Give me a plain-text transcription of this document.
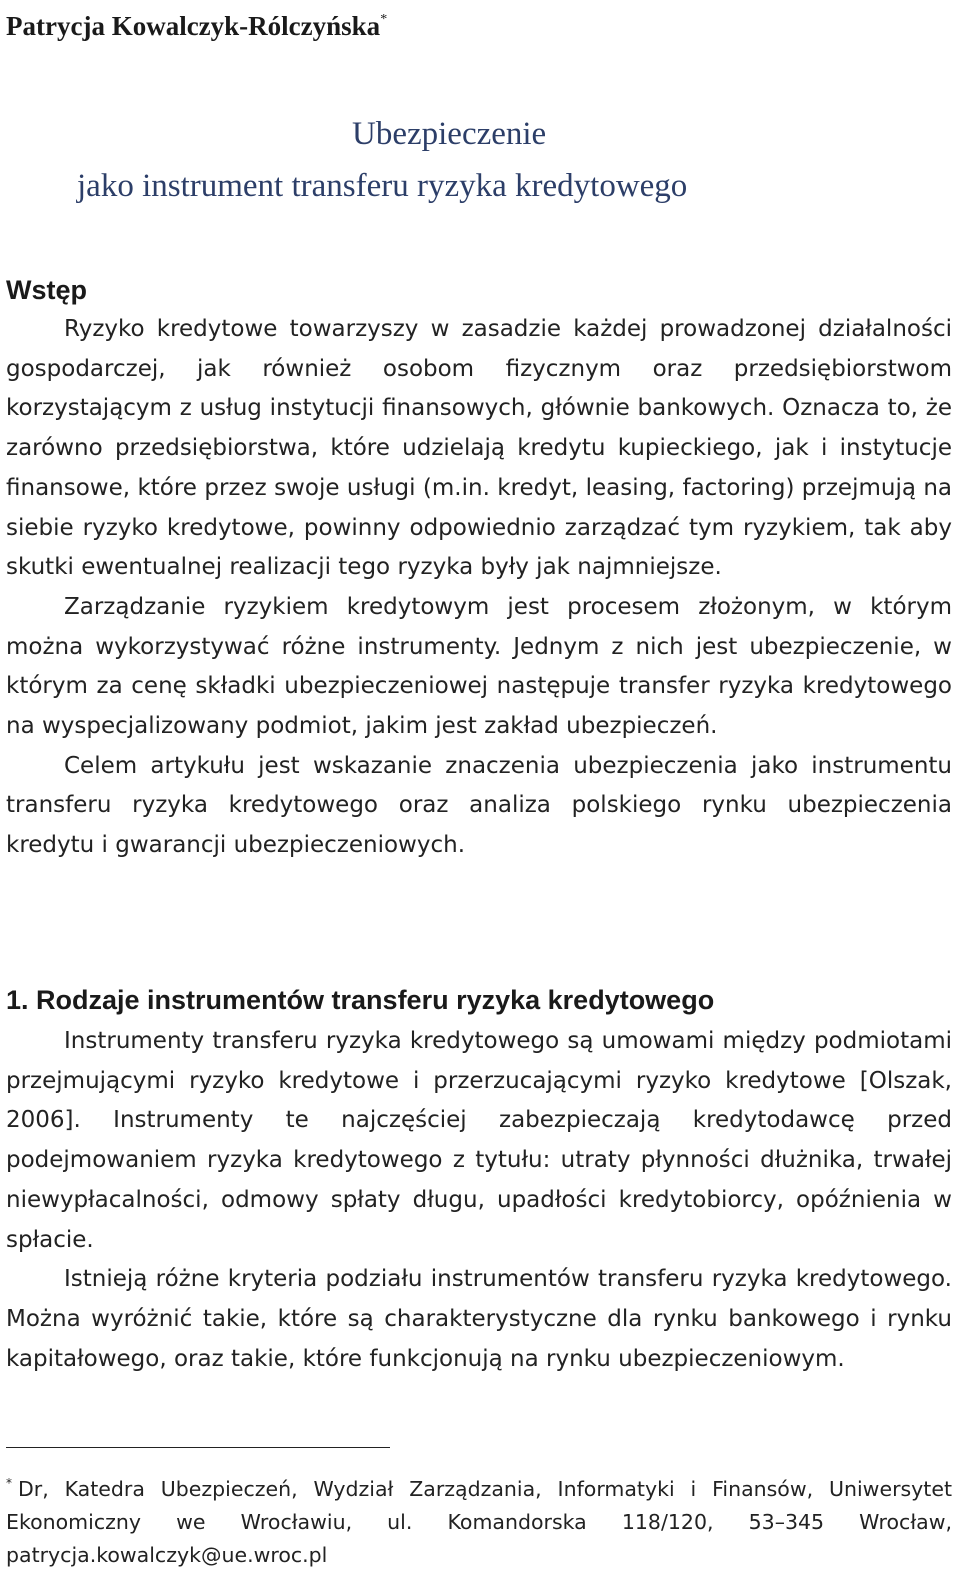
Patrycja Kowalczyk-Rólczyńska*
Ubezpieczenie
jako instrument transferu ryzyka kredytowego
Wstęp

Ryzyko kredytowe towarzyszy w zasadzie każdej prowadzonej działalności gospodarczej, jak również osobom fizycznym oraz przedsiębiorstwom korzystającym z usług instytucji finansowych, głównie bankowych. Oznacza to, że zarówno przedsiębiorstwa, które udzielają kredytu kupieckiego, jak i instytucje finansowe, które przez swoje usługi (m.in. kredyt, leasing, factoring) przejmują na siebie ryzyko kredytowe, powinny odpowiednio zarządzać tym ryzykiem, tak aby skutki ewentualnej realizacji tego ryzyka były jak najmniejsze.

Zarządzanie ryzykiem kredytowym jest procesem złożonym, w którym można wykorzystywać różne instrumenty. Jednym z nich jest ubezpieczenie, w którym za cenę składki ubezpieczeniowej następuje transfer ryzyka kredytowego na wyspecjalizowany podmiot, jakim jest zakład ubezpieczeń.

Celem artykułu jest wskazanie znaczenia ubezpieczenia jako instrumentu transferu ryzyka kredytowego oraz analiza polskiego rynku ubezpieczenia kredytu i gwarancji ubezpieczeniowych.

1. Rodzaje instrumentów transferu ryzyka kredytowego

Instrumenty transferu ryzyka kredytowego są umowami między podmiotami przejmującymi ryzyko kredytowe i przerzucającymi ryzyko kredytowe [Olszak, 2006]. Instrumenty te najczęściej zabezpieczają kredytodawcę przed podejmowaniem ryzyka kredytowego z tytułu: utraty płynności dłużnika, trwałej niewypłacalności, odmowy spłaty długu, upadłości kredytobiorcy, opóźnienia w spłacie.

Istnieją różne kryteria podziału instrumentów transferu ryzyka kredytowego. Można wyróżnić takie, które są charakterystyczne dla rynku bankowego i rynku kapitałowego, oraz takie, które funkcjonują na rynku ubezpieczeniowym.

* Dr, Katedra Ubezpieczeń, Wydział Zarządzania, Informatyki i Finansów, Uniwersytet Ekonomiczny we Wrocławiu, ul. Komandorska 118/120, 53–345 Wrocław, patrycja.kowalczyk@ue.wroc.pl
